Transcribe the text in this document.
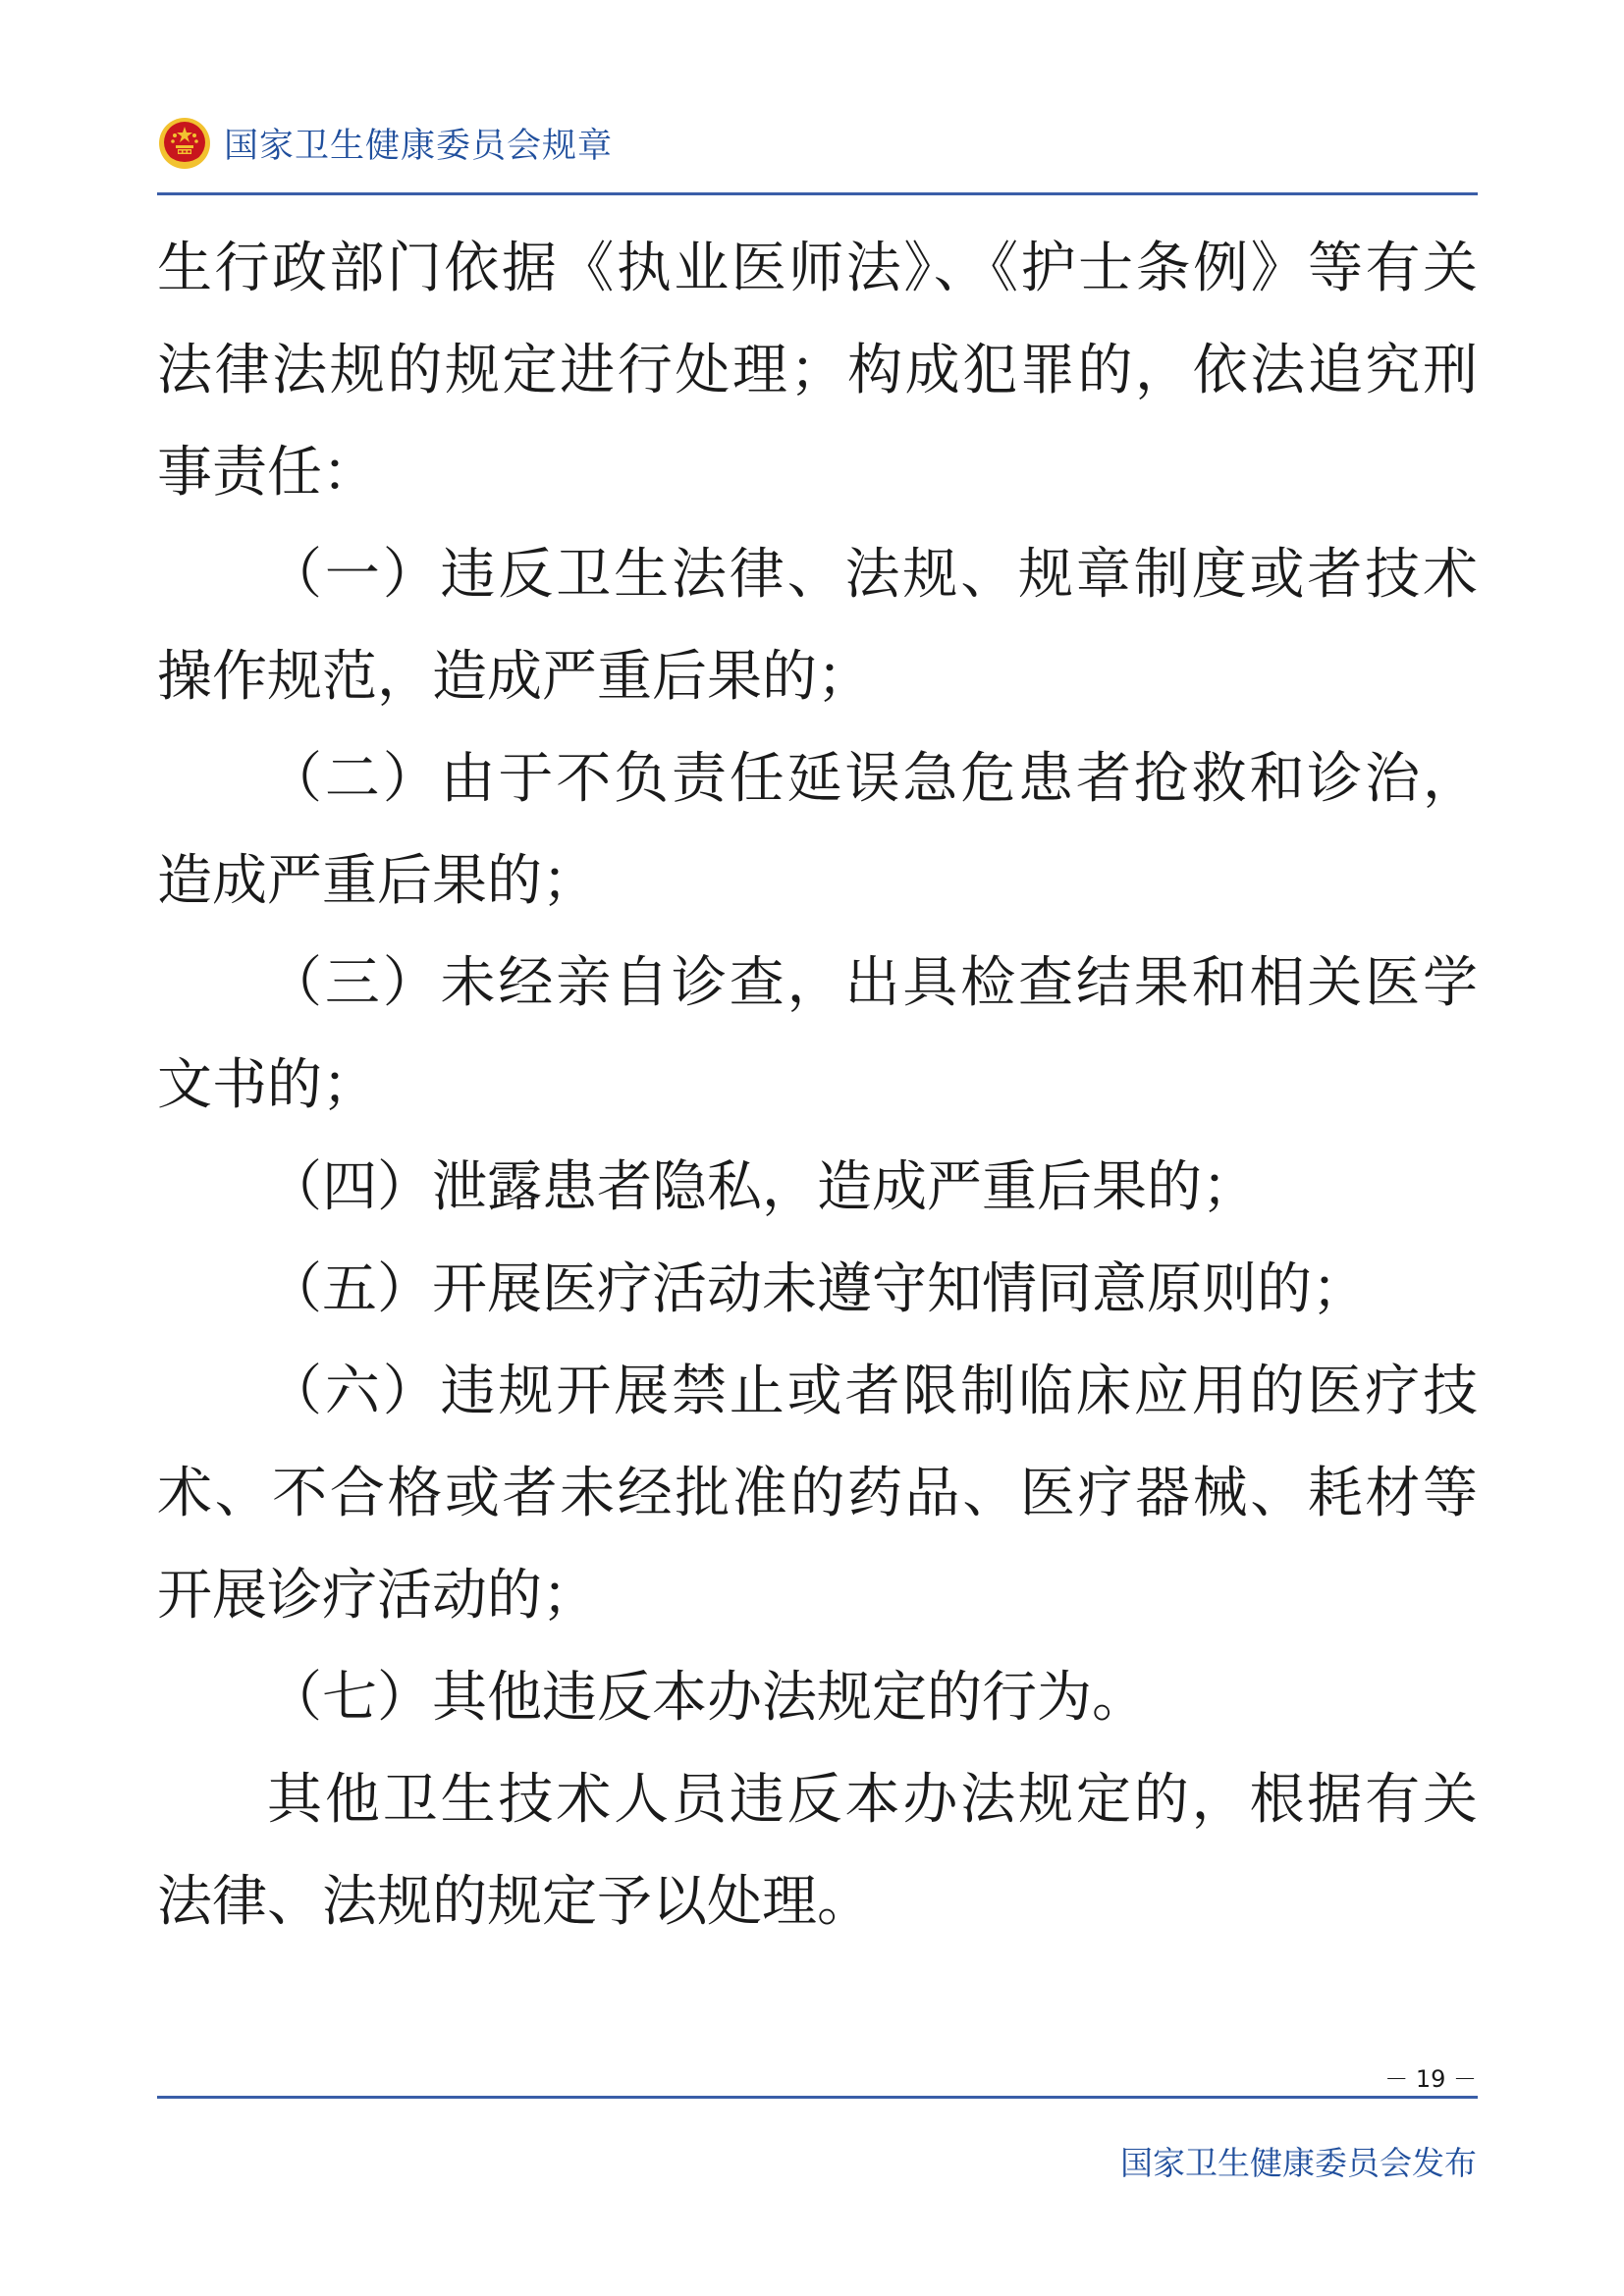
国家卫生健康委员会规章
生行政部门依据《执业医师法》、《护士条例》等有关
法律法规的规定进行处理；构成犯罪的，依法追究刑
事责任：
（一）违反卫生法律、法规、规章制度或者技术
操作规范，造成严重后果的；
（二）由于不负责任延误急危患者抢救和诊治，
造成严重后果的；
（三）未经亲自诊查，出具检查结果和相关医学
文书的；
（四）泄露患者隐私，造成严重后果的；
（五）开展医疗活动未遵守知情同意原则的；
（六）违规开展禁止或者限制临床应用的医疗技
术、不合格或者未经批准的药品、医疗器械、耗材等
开展诊疗活动的；
（七）其他违反本办法规定的行为。
其他卫生技术人员违反本办法规定的，根据有关
法律、法规的规定予以处理。
－ 19 －
国家卫生健康委员会发布
